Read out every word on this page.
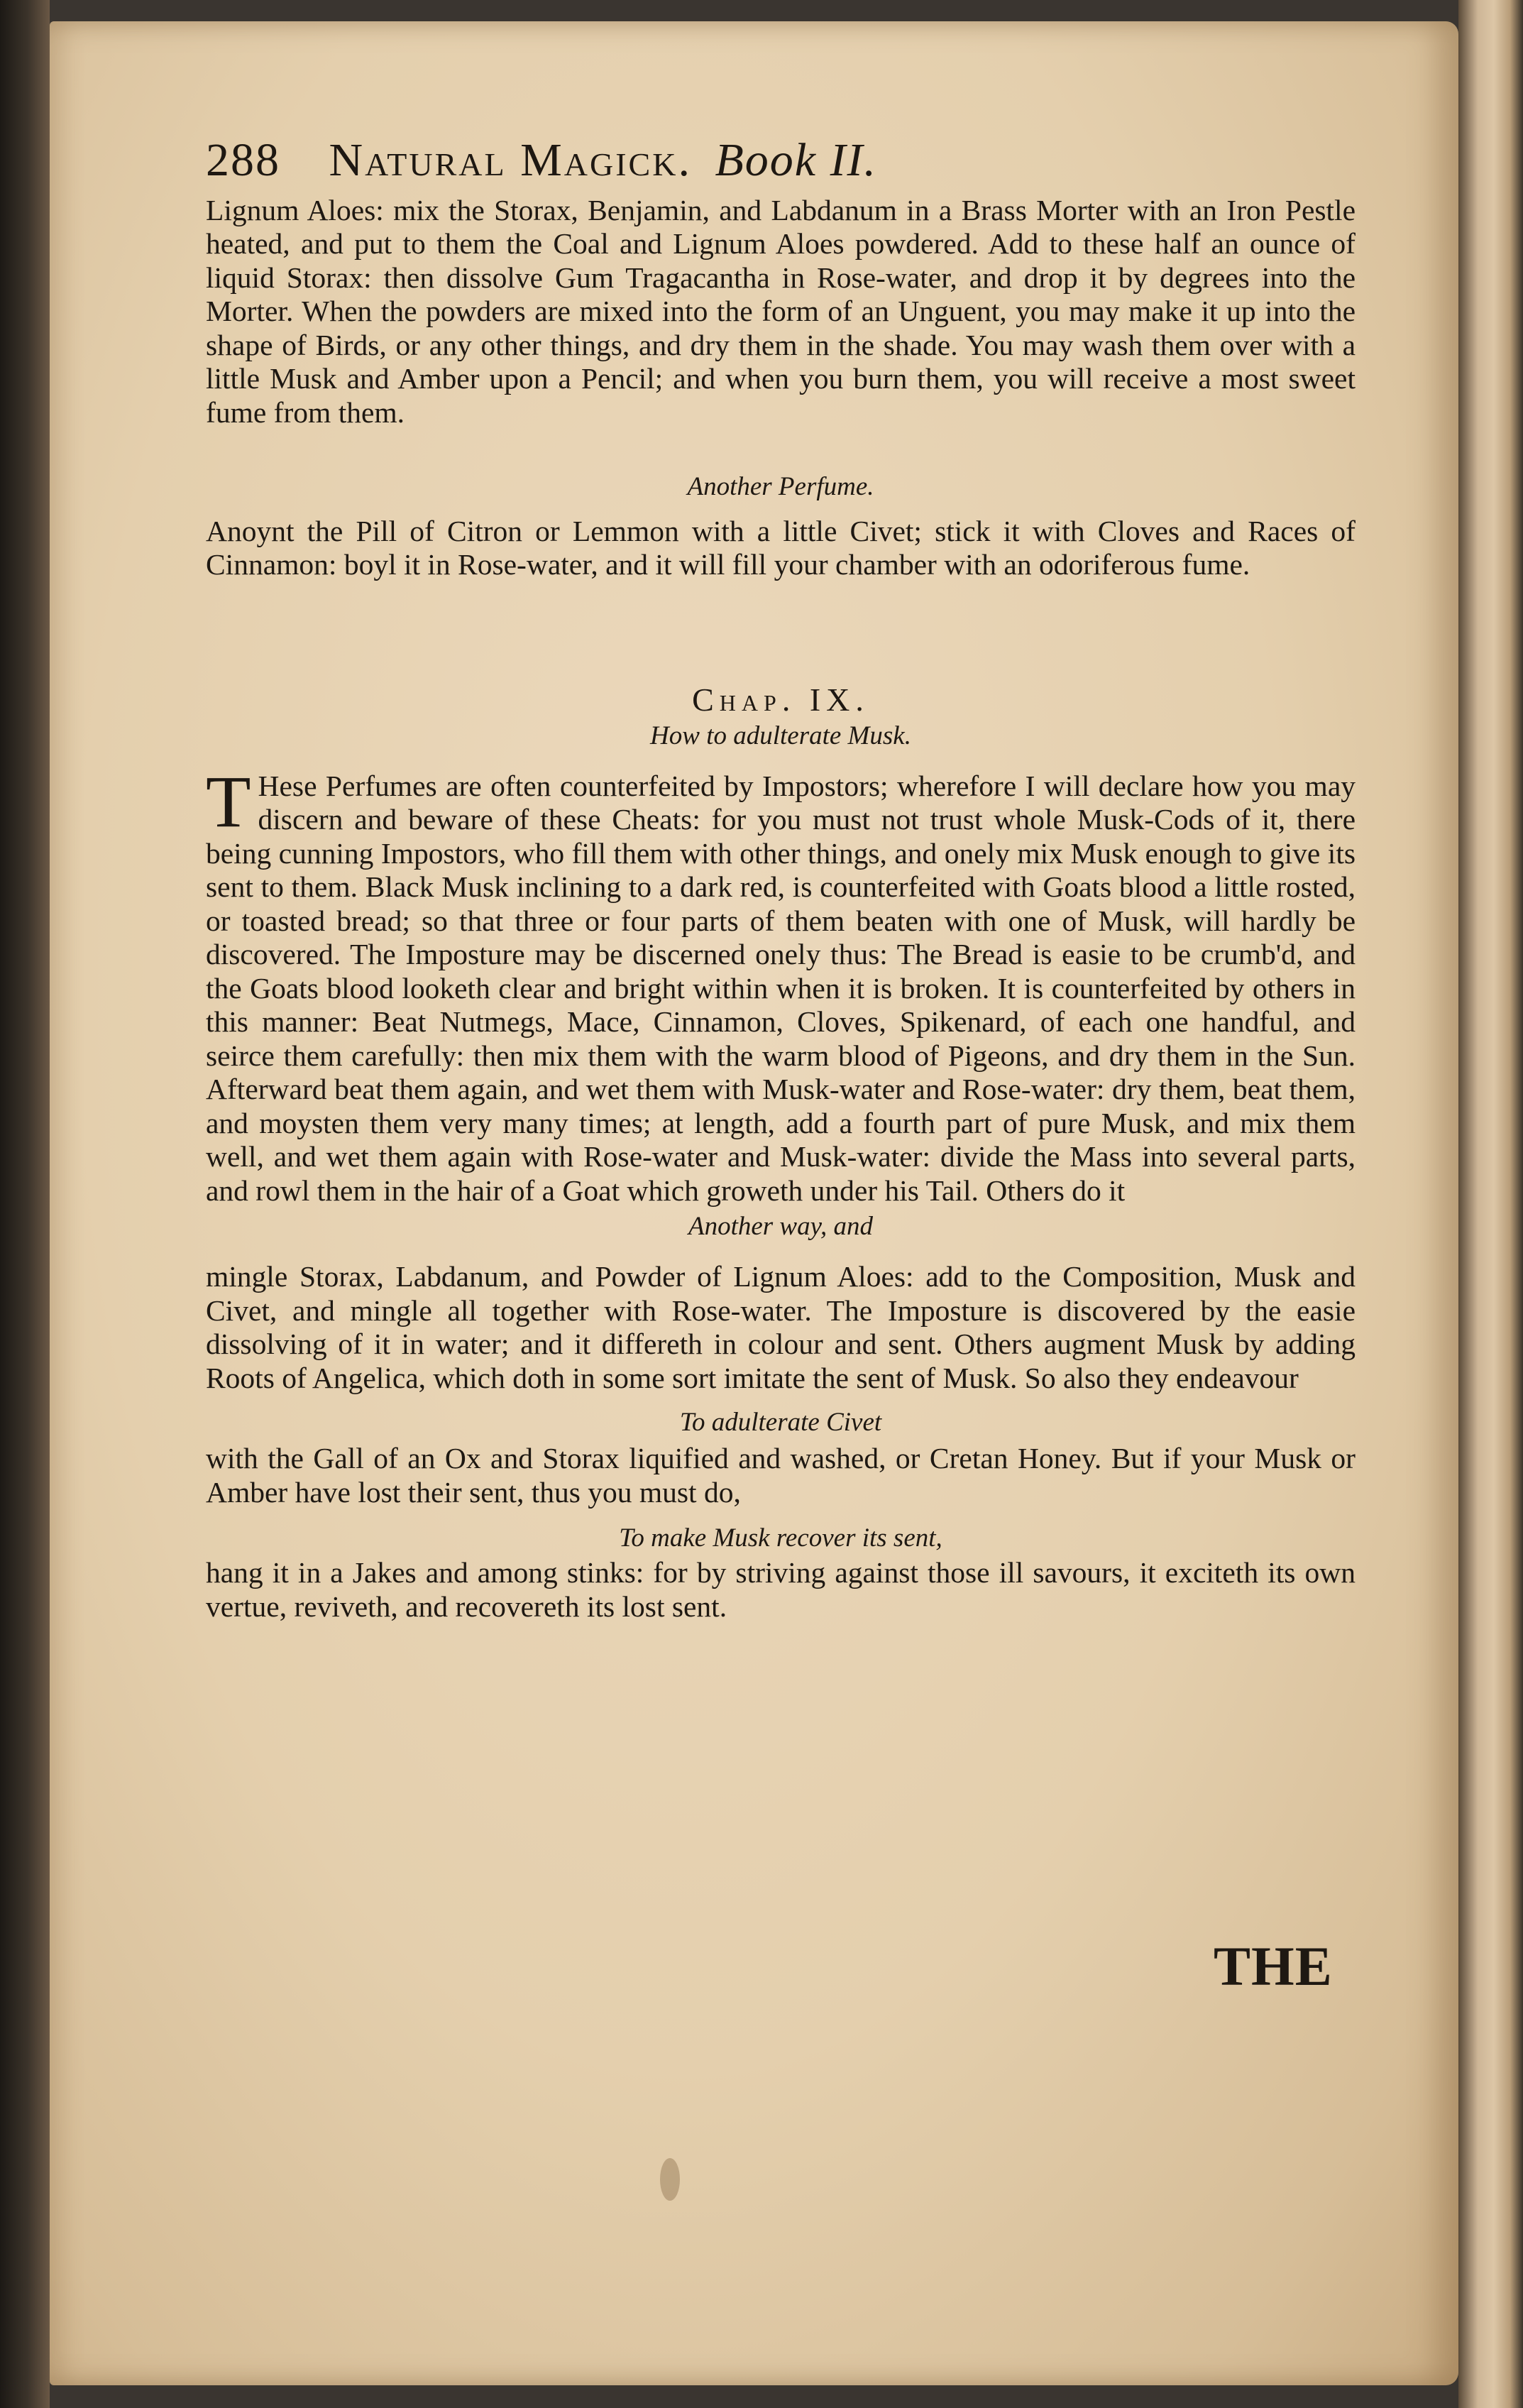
288 Natural Magick. Book II.

Lignum Aloes: mix the Storax, Benjamin, and Labdanum in a Brass Morter with an Iron Pestle heated, and put to them the Coal and Lignum Aloes powdered. Add to these half an ounce of liquid Storax: then dissolve Gum Tragacantha in Rose-water, and drop it by degrees into the Morter. When the powders are mixed into the form of an Unguent, you may make it up into the shape of Birds, or any other things, and dry them in the shade. You may wash them over with a little Musk and Amber upon a Pencil; and when you burn them, you will receive a most sweet fume from them.

Another Perfume.

Anoynt the Pill of Citron or Lemmon with a little Civet; stick it with Cloves and Races of Cinnamon: boyl it in Rose-water, and it will fill your chamber with an odoriferous fume.

Chap. IX.

How to adulterate Musk.

T Hese Perfumes are often counterfeited by Impostors; wherefore I will declare how you may discern and beware of these Cheats: for you must not trust whole Musk-Cods of it, there being cunning Impostors, who fill them with other things, and onely mix Musk enough to give its sent to them. Black Musk inclining to a dark red, is counterfeited with Goats blood a little rosted, or toasted bread; so that three or four parts of them beaten with one of Musk, will hardly be discovered. The Imposture may be discerned onely thus: The Bread is easie to be crumb'd, and the Goats blood looketh clear and bright within when it is broken. It is counterfeited by others in this manner: Beat Nutmegs, Mace, Cinnamon, Cloves, Spikenard, of each one handful, and seirce them carefully: then mix them with the warm blood of Pigeons, and dry them in the Sun. Afterward beat them again, and wet them with Musk-water and Rose-water: dry them, beat them, and moysten them very many times; at length, add a fourth part of pure Musk, and mix them well, and wet them again with Rose-water and Musk-water: divide the Mass into several parts, and rowl them in the hair of a Goat which groweth under his Tail. Others do it

Another way, and

mingle Storax, Labdanum, and Powder of Lignum Aloes: add to the Composition, Musk and Civet, and mingle all together with Rose-water. The Imposture is discovered by the easie dissolving of it in water; and it differeth in colour and sent. Others augment Musk by adding Roots of Angelica, which doth in some sort imitate the sent of Musk. So also they endeavour

To adulterate Civet

with the Gall of an Ox and Storax liquified and washed, or Cretan Honey. But if your Musk or Amber have lost their sent, thus you must do,

To make Musk recover its sent,

hang it in a Jakes and among stinks: for by striving against those ill savours, it exciteth its own vertue, reviveth, and recovereth its lost sent.

THE
